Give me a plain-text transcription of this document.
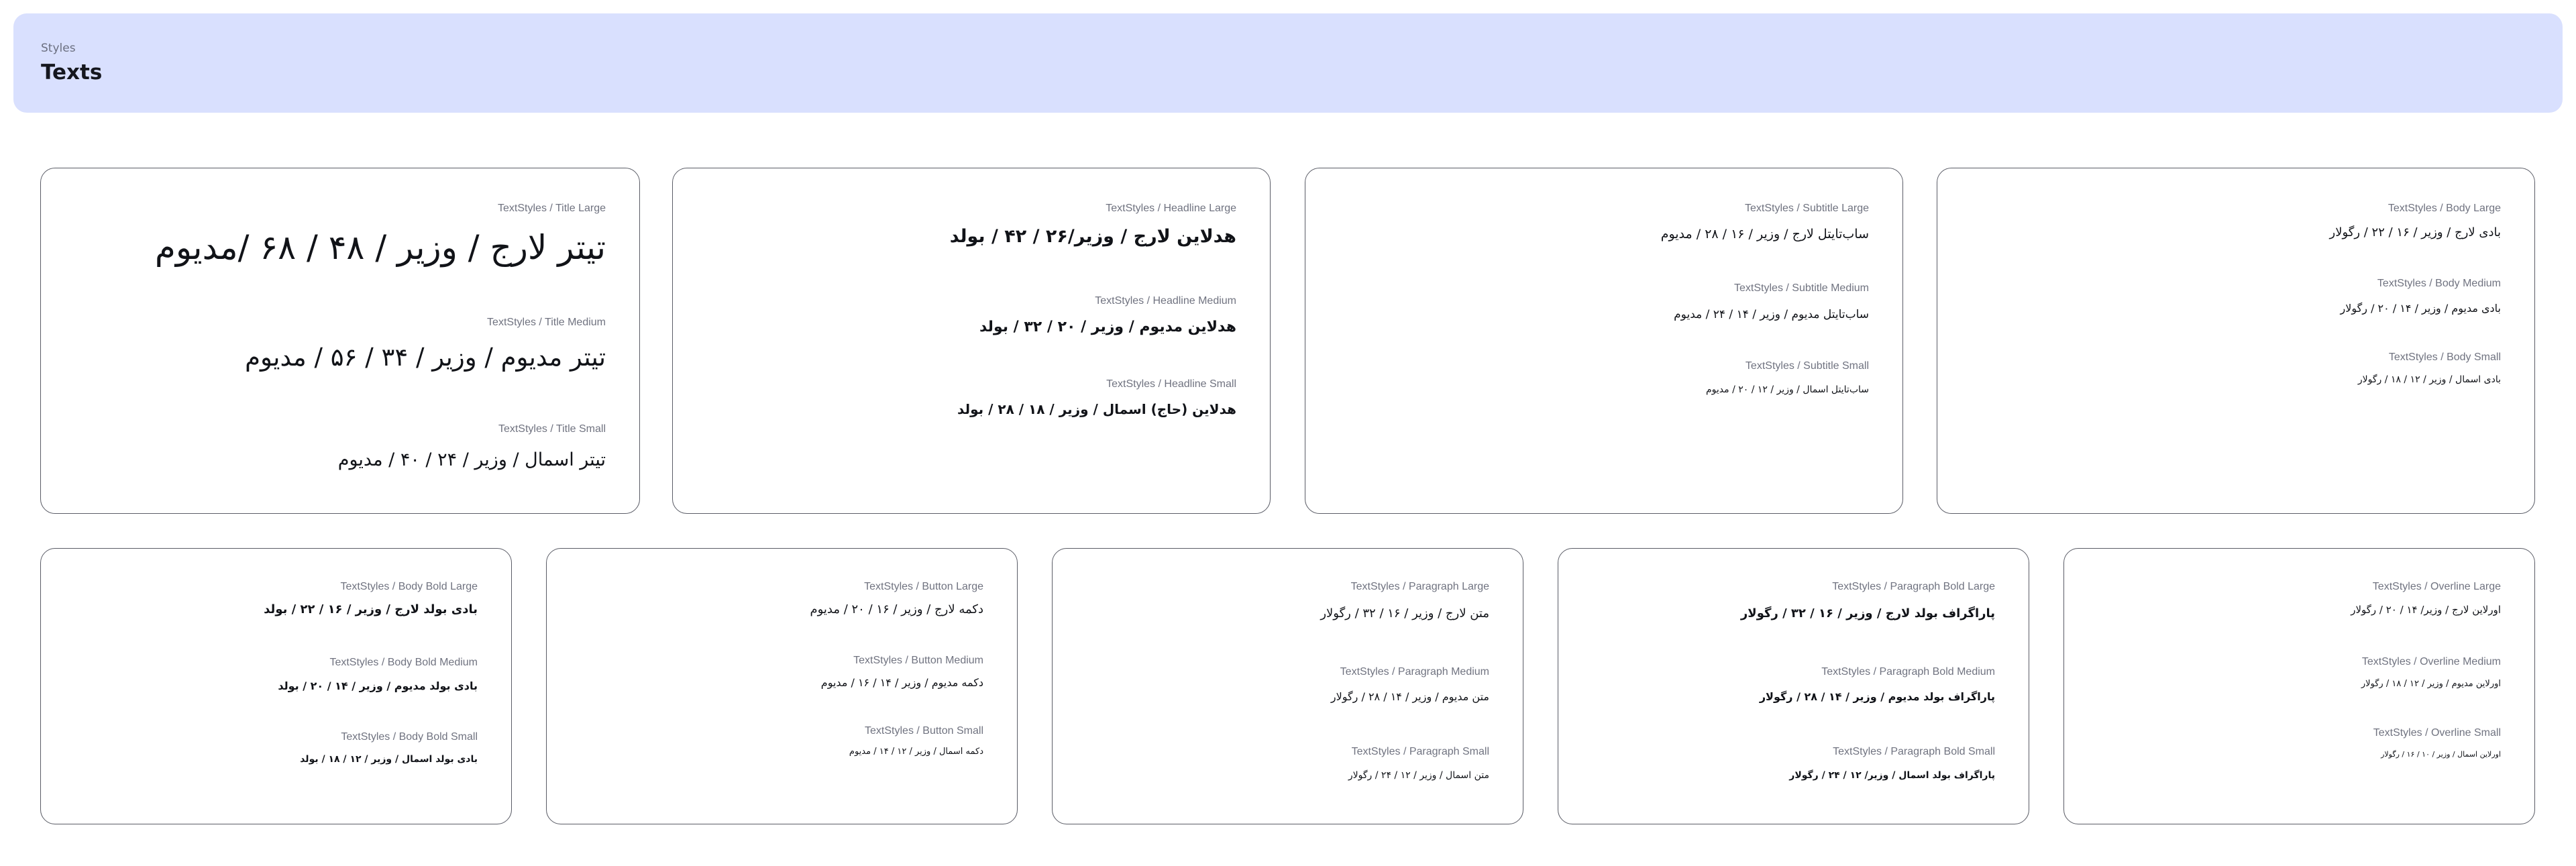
Styles
Texts
TextStyles / Title Large
تیتر لارج / وزیر / ۴۸ / ۶۸ /مدیوم
TextStyles / Title Medium
تیتر مدیوم / وزیر / ۳۴ / ۵۶ / مدیوم
TextStyles / Title Small
تیتر اسمال / وزیر / ۲۴ / ۴۰ / مدیوم
TextStyles / Headline Large
هدلاین لارج / وزیر/۲۶ / ۴۲ / بولد
TextStyles / Headline Medium
هدلاین مدیوم / وزیر / ۲۰ / ۳۲ / بولد
TextStyles / Headline Small
هدلاین (حاج) اسمال / وزیر / ۱۸ / ۲۸ / بولد
TextStyles / Subtitle Large
ساب‌تایتل لارج / وزیر / ۱۶ / ۲۸ / مدیوم
TextStyles / Subtitle Medium
ساب‌تایتل مدیوم / وزیر / ۱۴ / ۲۴ / مدیوم
TextStyles / Subtitle Small
ساب‌تایتل اسمال / وزیر / ۱۲ / ۲۰ / مدیوم
TextStyles / Body Large
بادی لارج / وزیر / ۱۶ / ۲۲ / رگولار
TextStyles / Body Medium
بادی مدیوم / وزیر / ۱۴ / ۲۰ / رگولار
TextStyles / Body Small
بادی اسمال / وزیر / ۱۲ / ۱۸ / رگولار
TextStyles / Body Bold Large
بادی بولد لارج / وزیر / ۱۶ / ۲۲ / بولد
TextStyles / Body Bold Medium
بادی بولد مدیوم / وزیر / ۱۴ / ۲۰ / بولد
TextStyles / Body Bold Small
بادی بولد اسمال / وزیر / ۱۲ / ۱۸ / بولد
TextStyles / Button Large
دکمه لارج / وزیر / ۱۶ / ۲۰ / مدیوم
TextStyles / Button Medium
دکمه مدیوم / وزیر / ۱۴ / ۱۶ / مدیوم
TextStyles / Button Small
دکمه اسمال / وزیر / ۱۲ / ۱۴ / مدیوم
TextStyles / Paragraph Large
متن لارج / وزیر / ۱۶ / ۳۲ / رگولار
TextStyles / Paragraph Medium
متن مدیوم / وزیر / ۱۴ / ۲۸ / رگولار
TextStyles / Paragraph Small
متن اسمال / وزیر / ۱۲ / ۲۴ / رگولار
TextStyles / Paragraph Bold Large
پاراگراف بولد لارج / وزیر / ۱۶ / ۳۲ / رگولار
TextStyles / Paragraph Bold Medium
پاراگراف بولد مدیوم / وزیر / ۱۴ / ۲۸ / رگولار
TextStyles / Paragraph Bold Small
پاراگراف بولد اسمال / وزیر/ ۱۲ / ۲۴ / رگولار
TextStyles / Overline Large
اورلاین لارج / وزیر/ ۱۴ / ۲۰ / رگولار
TextStyles / Overline Medium
اورلاین مدیوم / وزیر / ۱۲ / ۱۸ / رگولار
TextStyles / Overline Small
اورلاین اسمال / وزیر / ۱۰ / ۱۶ / رگولار
